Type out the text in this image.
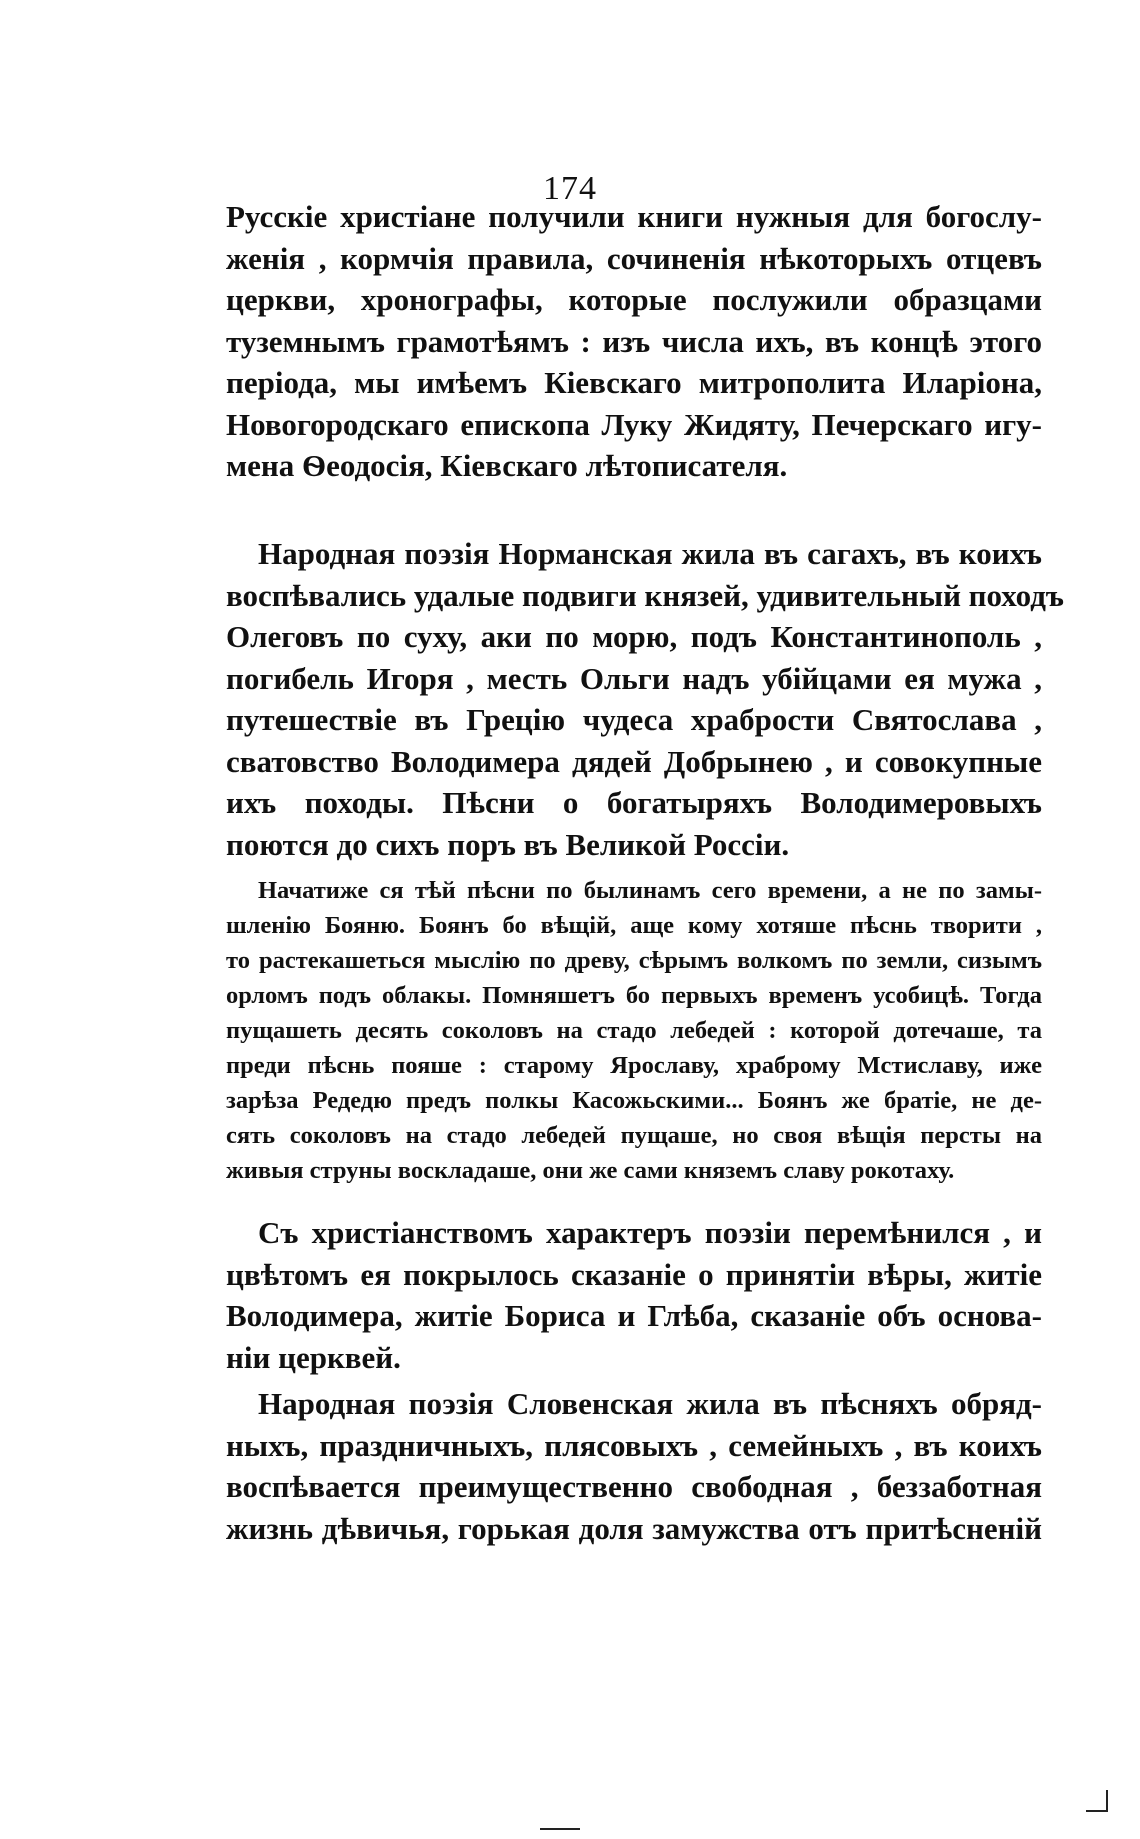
174
Русскіе христіане получили книги нужныя для богослу-
женія , кормчія правила, сочиненія нѣкоторыхъ отцевъ
церкви, хронографы, которые послужили образцами
туземнымъ грамотѣямъ : изъ числа ихъ, въ концѣ этого
періода, мы имѣемъ Кіевскаго митрополита Иларіона,
Новогородскаго епископа Луку Жидяту, Печерскаго игу-
мена Ѳеодосія, Кіевскаго лѣтописателя.
Народная поэзія Норманская жила въ сагахъ, въ коихъ
воспѣвались удалые подвиги князей, удивительный походъ
Олеговъ по суху, аки по морю, подъ Константинополь ,
погибель Игоря , месть Ольги надъ убійцами ея мужа ,
путешествіе въ Грецію чудеса храбрости Святослава ,
сватовство Володимера дядей Добрынею , и совокупные
ихъ походы. Пѣсни о богатыряхъ Володимеровыхъ
поются до сихъ поръ въ Великой Россіи.
Начатиже ся тѣй пѣсни по былинамъ сего времени, а не по замы-
шленію Бояню. Боянъ бо вѣщій, аще кому хотяше пѣснь творити ,
то растекашеться мыслію по древу, сѣрымъ волкомъ по земли, сизымъ
орломъ подъ облакы. Помняшетъ бо первыхъ временъ усобицѣ. Тогда
пущашеть десять соколовъ на стадо лебедей : которой дотечаше, та
преди пѣснь пояше : старому Ярославу, храброму Мстиславу, иже
зарѣза Редедю предъ полкы Касожьскими... Боянъ же братіе, не де-
сять соколовъ на стадо лебедей пущаше, но своя вѣщія персты на
живыя струны воскладаше, они же сами княземъ славу рокотаху.
Съ христіанствомъ характеръ поэзіи перемѣнился , и
цвѣтомъ ея покрылось сказаніе о принятіи вѣры, житіе
Володимера, житіе Бориса и Глѣба, сказаніе объ основа-
ніи церквей.
Народная поэзія Словенская жила въ пѣсняхъ обряд-
ныхъ, праздничныхъ, плясовыхъ , семейныхъ , въ коихъ
воспѣвается преимущественно свободная , беззаботная
жизнь дѣвичья, горькая доля замужства отъ притѣсненій
